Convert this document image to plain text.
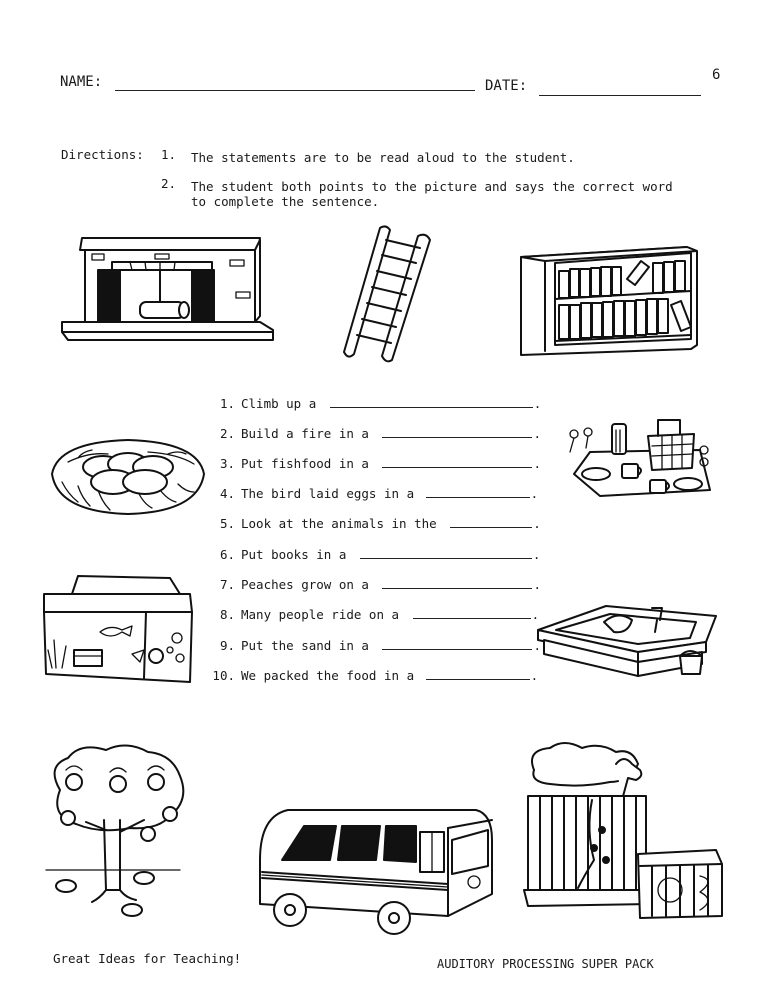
NAME:	DATE:
6
Directions: 1. The statements are to be read aloud to the student.
2. The student both points to the picture and says the correct word
to complete the sentence.
1. Climb up a	.
2. Build a fire in a	.
3. Put fishfood in a	.
4. The bird laid eggs in a	.
5. Look at the animals in the	.
6. Put books in a	.
7. Peaches grow on a	.
8. Many people ride on a	.
9. Put the sand in a	.
10. We packed the food in a	.
Great Ideas for Teaching!	AUDITORY PROCESSING SUPER PACK
